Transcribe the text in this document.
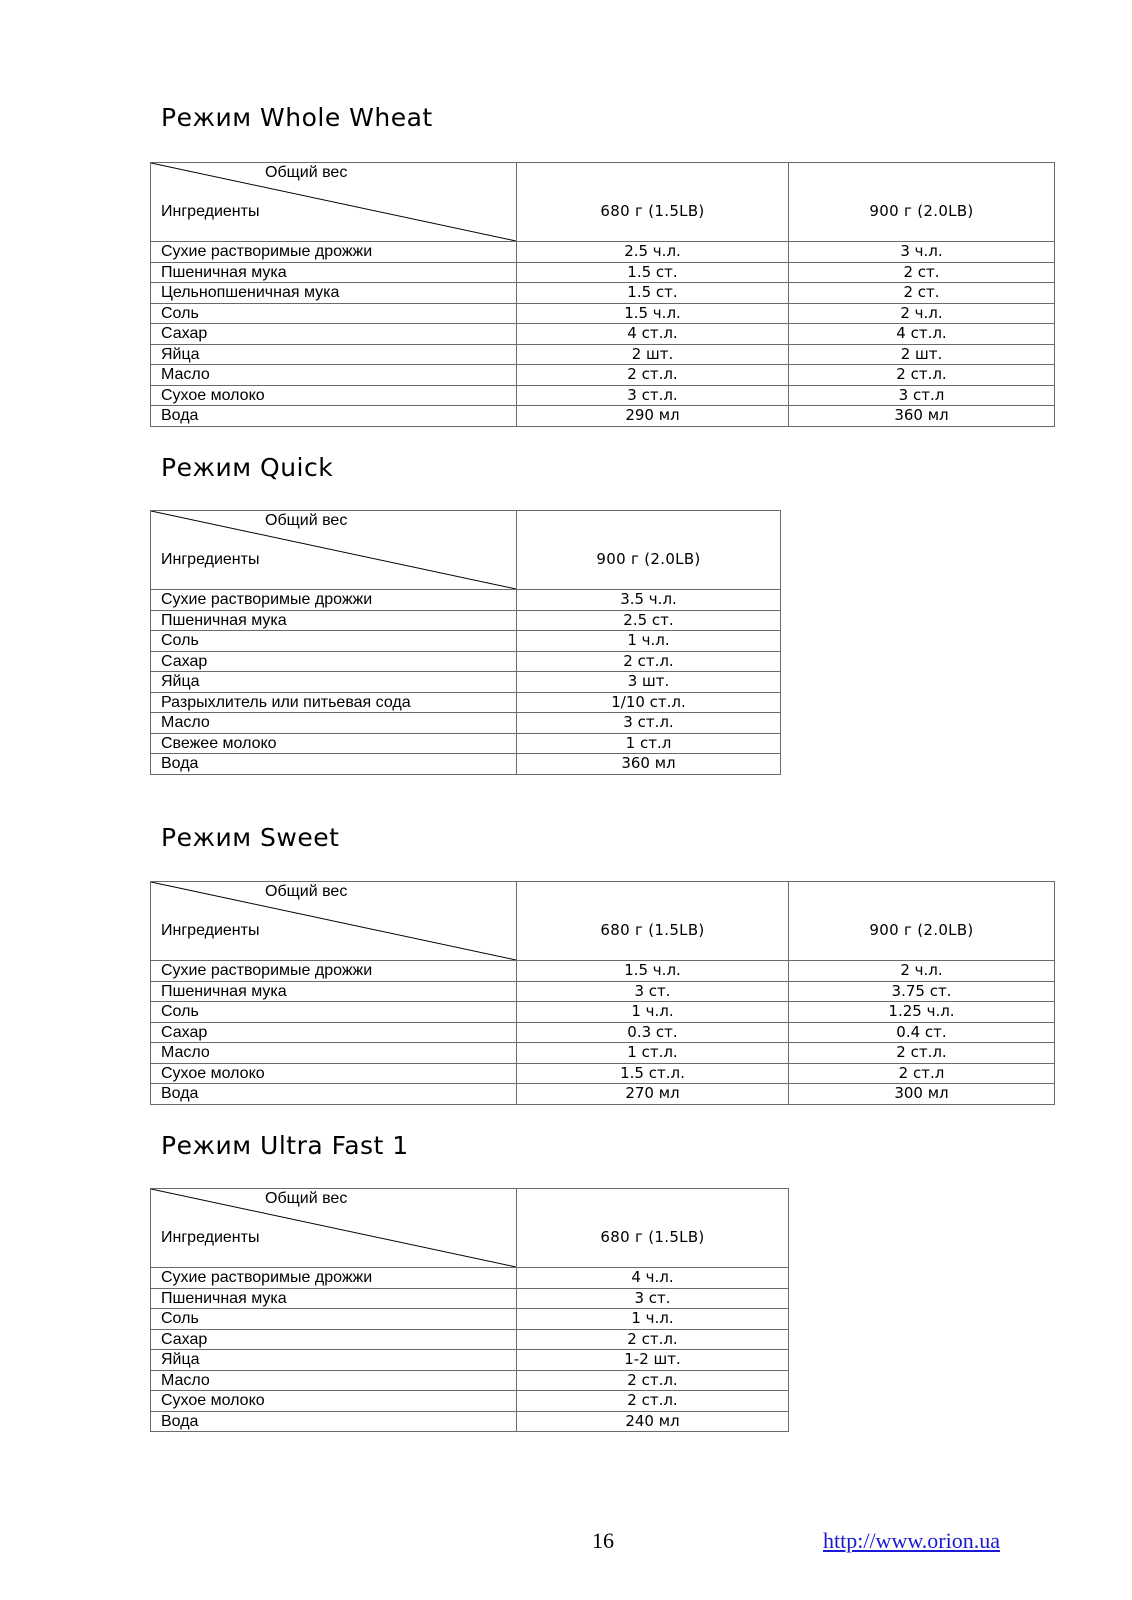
Режим Whole Wheat
Общий вес
Ингредиенты	680 г (1.5LB)	900 г (2.0LB)
Сухие растворимые дрожжи	2.5 ч.л.	3 ч.л.
Пшеничная мука	1.5 ст.	2 ст.
Цельнопшеничная мука	1.5 ст.	2 ст.
Соль	1.5 ч.л.	2 ч.л.
Сахар	4 ст.л.	4 ст.л.
Яйца	2 шт.	2 шт.
Масло	2 ст.л.	2 ст.л.
Сухое молоко	3 ст.л.	3 ст.л
Вода	290 мл	360 мл
Режим Quick
Общий вес
Ингредиенты	900 г (2.0LB)
Сухие растворимые дрожжи	3.5 ч.л.
Пшеничная мука	2.5 ст.
Соль	1 ч.л.
Сахар	2 ст.л.
Яйца	3 шт.
Разрыхлитель или питьевая сода	1/10 ст.л.
Масло	3 ст.л.
Свежее молоко	1 ст.л
Вода	360 мл
Режим Sweet
Общий вес
Ингредиенты	680 г (1.5LB)	900 г (2.0LB)
Сухие растворимые дрожжи	1.5 ч.л.	2 ч.л.
Пшеничная мука	3 ст.	3.75 ст.
Соль	1 ч.л.	1.25 ч.л.
Сахар	0.3 ст.	0.4 ст.
Масло	1 ст.л.	2 ст.л.
Сухое молоко	1.5 ст.л.	2 ст.л
Вода	270 мл	300 мл
Режим Ultra Fast 1
Общий вес
Ингредиенты	680 г (1.5LB)
Сухие растворимые дрожжи	4 ч.л.
Пшеничная мука	3 ст.
Соль	1 ч.л.
Сахар	2 ст.л.
Яйца	1-2 шт.
Масло	2 ст.л.
Сухое молоко	2 ст.л.
Вода	240 мл
16	http://www.orion.ua
